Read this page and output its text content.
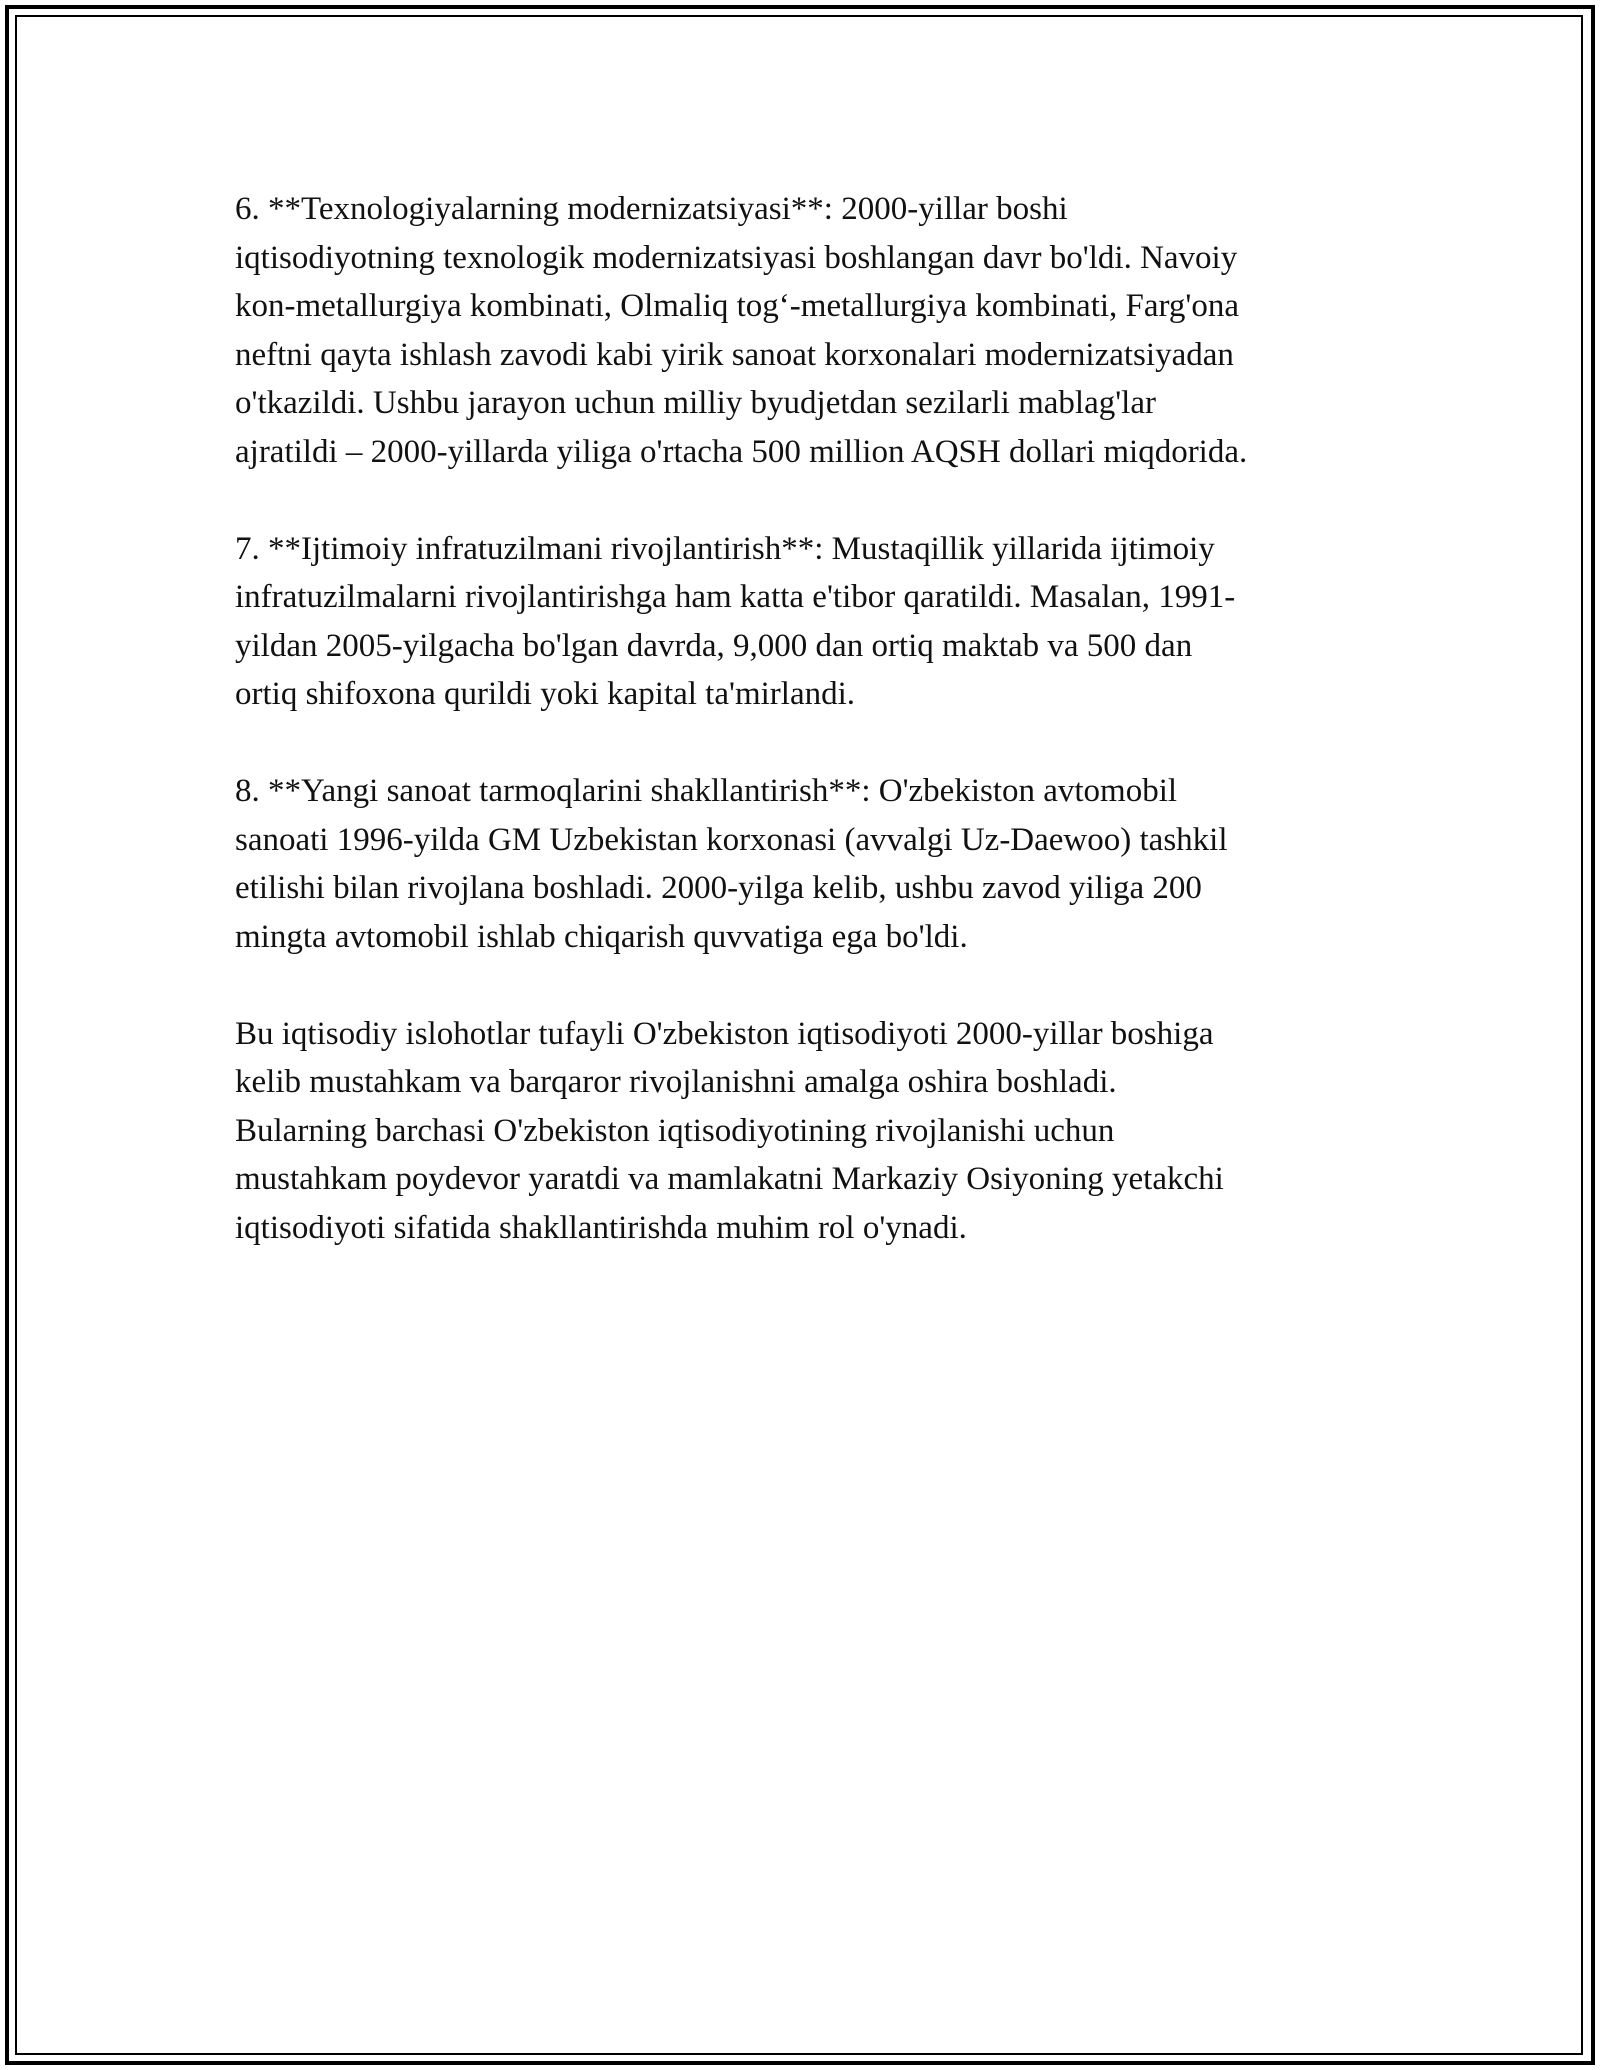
6. **Texnologiyalarning modernizatsiyasi**: 2000-yillar boshi
iqtisodiyotning texnologik modernizatsiyasi boshlangan davr bo'ldi. Navoiy
kon-metallurgiya kombinati, Olmaliq tog‘-metallurgiya kombinati, Farg'ona
neftni qayta ishlash zavodi kabi yirik sanoat korxonalari modernizatsiyadan
o'tkazildi. Ushbu jarayon uchun milliy byudjetdan sezilarli mablag'lar
ajratildi – 2000-yillarda yiliga o'rtacha 500 million AQSH dollari miqdorida.

7. **Ijtimoiy infratuzilmani rivojlantirish**: Mustaqillik yillarida ijtimoiy
infratuzilmalarni rivojlantirishga ham katta e'tibor qaratildi. Masalan, 1991-
yildan 2005-yilgacha bo'lgan davrda, 9,000 dan ortiq maktab va 500 dan
ortiq shifoxona qurildi yoki kapital ta'mirlandi.

8. **Yangi sanoat tarmoqlarini shakllantirish**: O'zbekiston avtomobil
sanoati 1996-yilda GM Uzbekistan korxonasi (avvalgi Uz-Daewoo) tashkil
etilishi bilan rivojlana boshladi. 2000-yilga kelib, ushbu zavod yiliga 200
mingta avtomobil ishlab chiqarish quvvatiga ega bo'ldi.

Bu iqtisodiy islohotlar tufayli O'zbekiston iqtisodiyoti 2000-yillar boshiga
kelib mustahkam va barqaror rivojlanishni amalga oshira boshladi.
Bularning barchasi O'zbekiston iqtisodiyotining rivojlanishi uchun
mustahkam poydevor yaratdi va mamlakatni Markaziy Osiyoning yetakchi
iqtisodiyoti sifatida shakllantirishda muhim rol o'ynadi.
